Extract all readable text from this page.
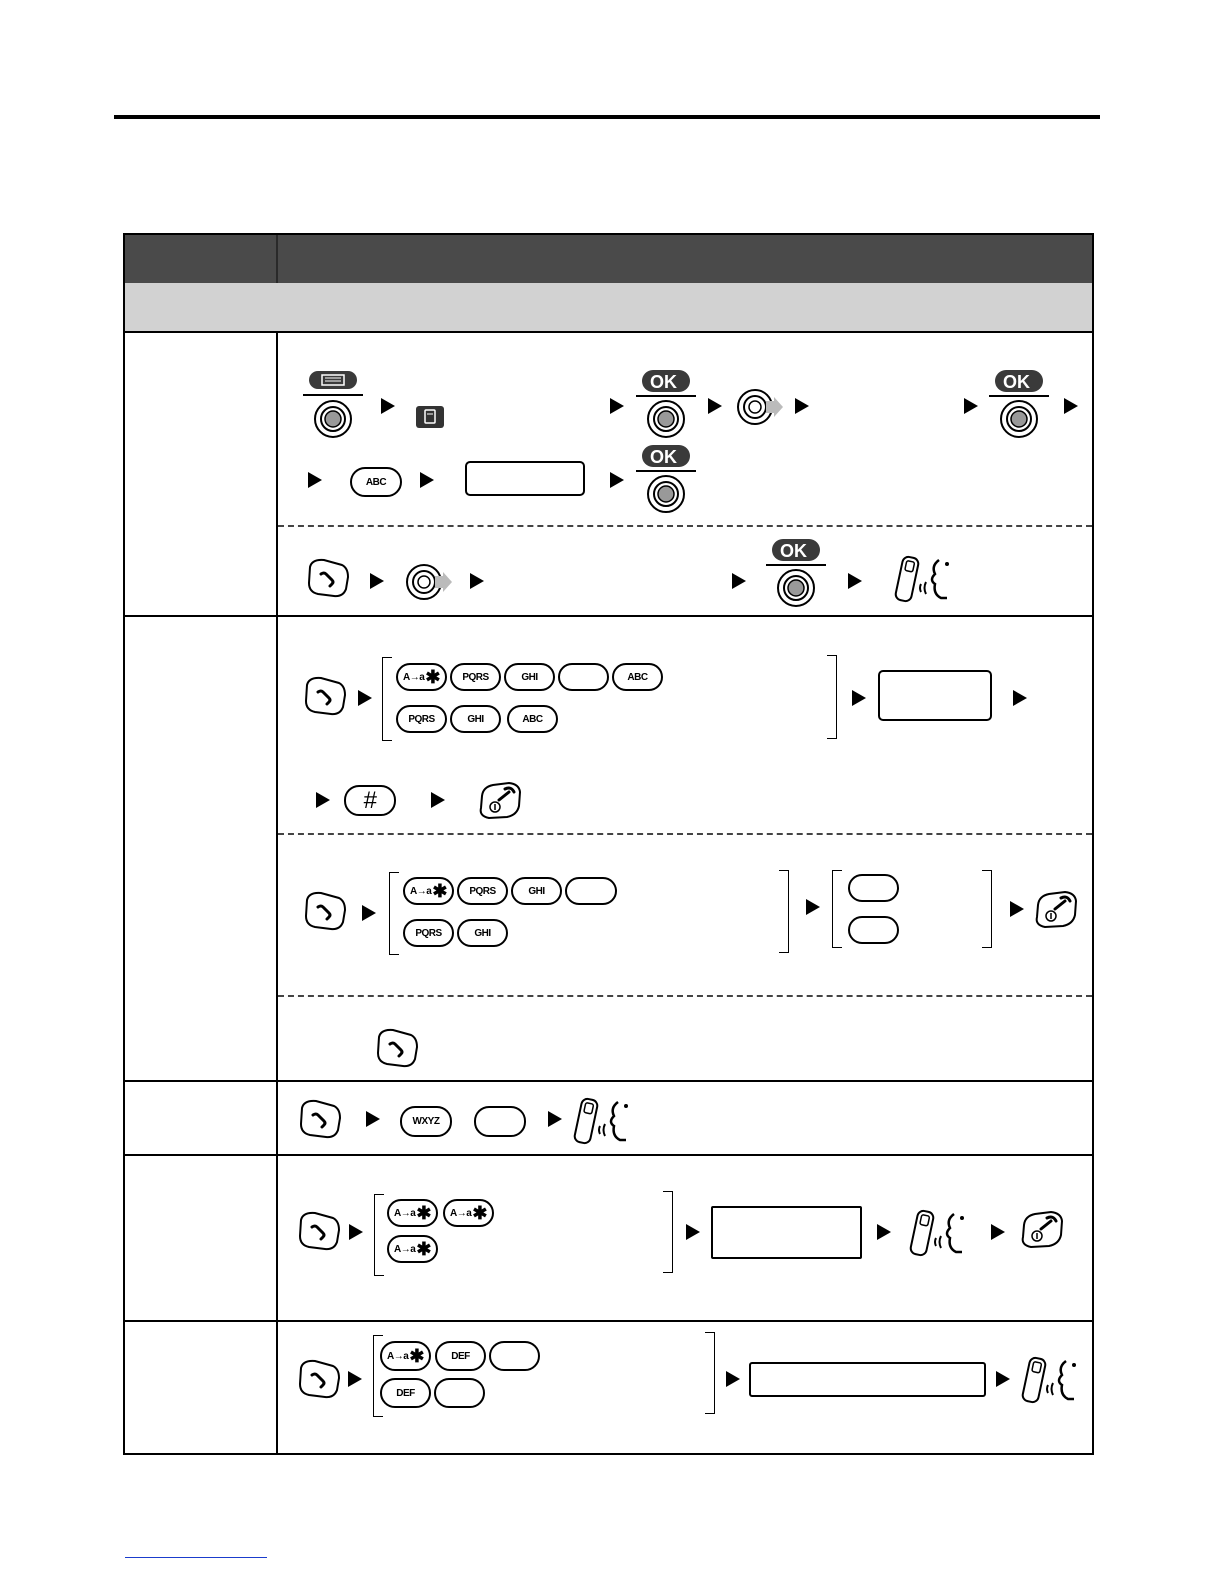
OK	OK
ABC
OK
OK
A→a ✱	PQRS	GHI	ABC
PQRS	GHI	ABC
#
A→a ✱	PQRS	GHI
PQRS	GHI
WXYZ
A→a ✱ A→a ✱
A→a ✱
A→a ✱	DEF
DEF
